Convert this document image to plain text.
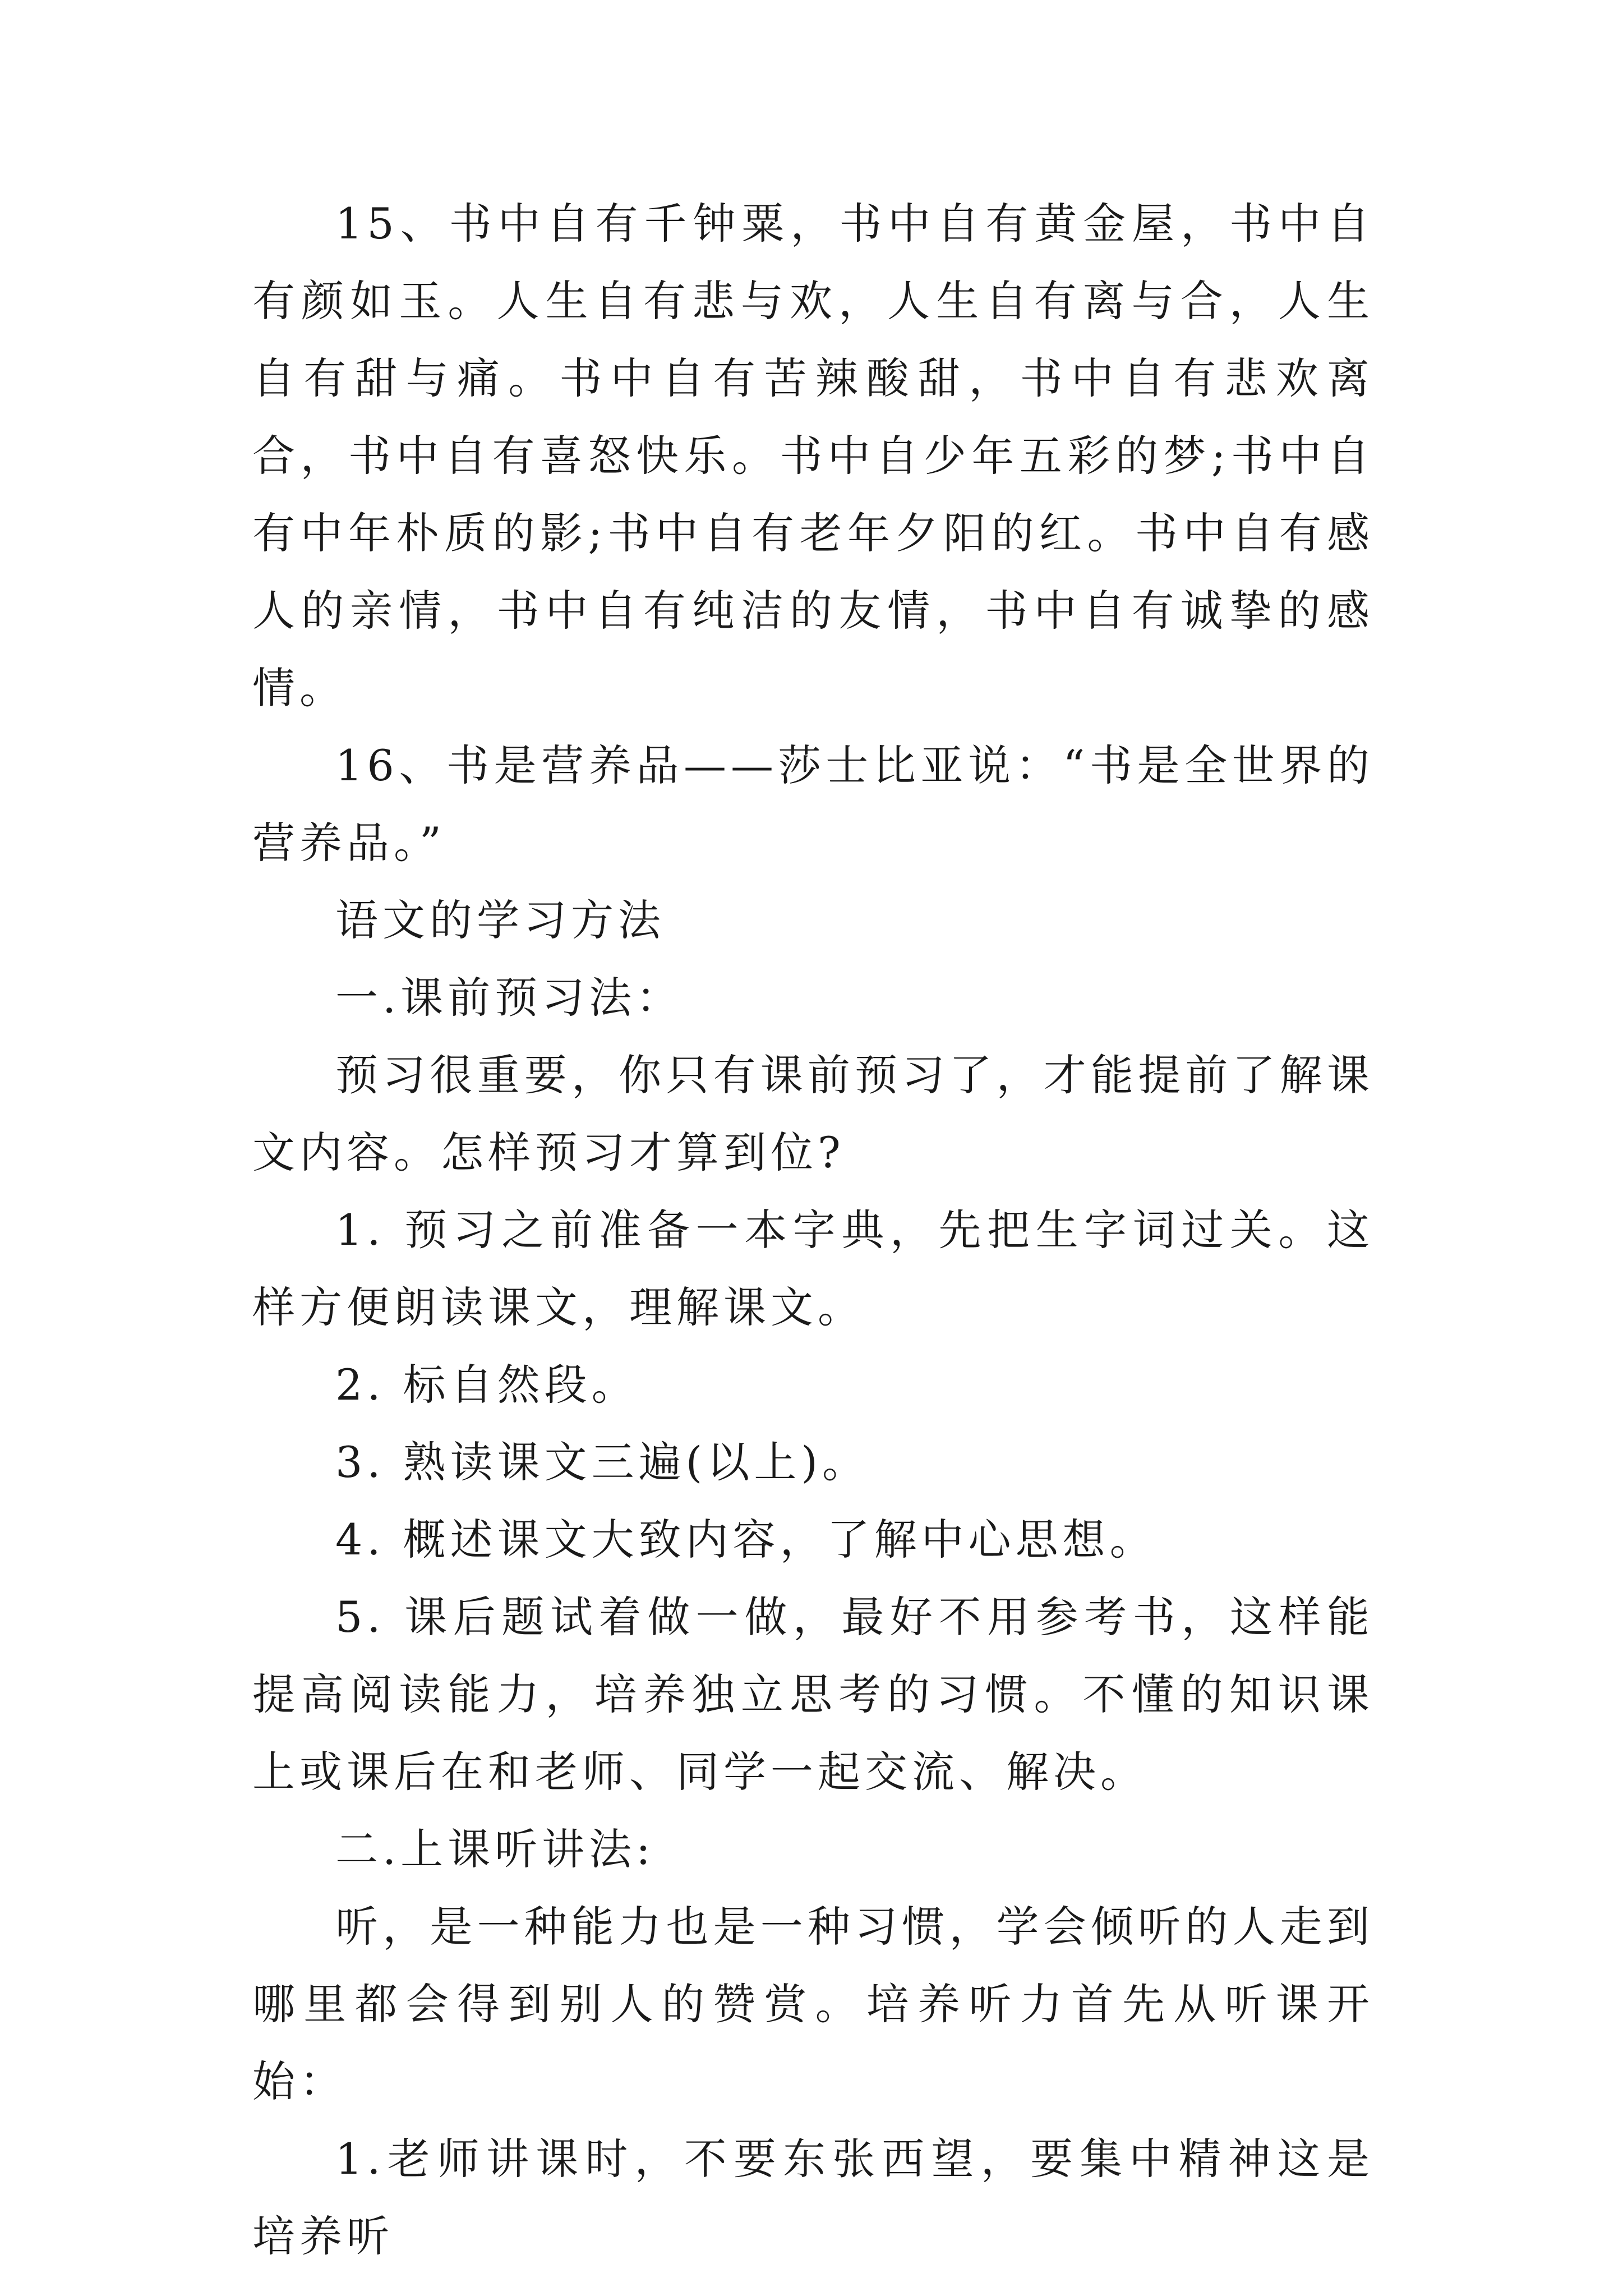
15、书中自有千钟粟，书中自有黄金屋，书中自有颜如玉。人生自有悲与欢，人生自有离与合，人生自有甜与痛。书中自有苦辣酸甜，书中自有悲欢离合，书中自有喜怒快乐。书中自少年五彩的梦;书中自有中年朴质的影;书中自有老年夕阳的红。书中自有感人的亲情，书中自有纯洁的友情，书中自有诚挚的感情。

16、书是营养品——莎士比亚说：“书是全世界的营养品。”

语文的学习方法

一.课前预习法：

预习很重要，你只有课前预习了，才能提前了解课文内容。怎样预习才算到位?

1. 预习之前准备一本字典，先把生字词过关。这样方便朗读课文，理解课文。

2. 标自然段。

3. 熟读课文三遍(以上)。

4. 概述课文大致内容，了解中心思想。

5. 课后题试着做一做，最好不用参考书，这样能提高阅读能力，培养独立思考的习惯。不懂的知识课上或课后在和老师、同学一起交流、解决。

二.上课听讲法:

听，是一种能力也是一种习惯，学会倾听的人走到哪里都会得到别人的赞赏。培养听力首先从听课开始：

1.老师讲课时，不要东张西望，要集中精神这是培养听
